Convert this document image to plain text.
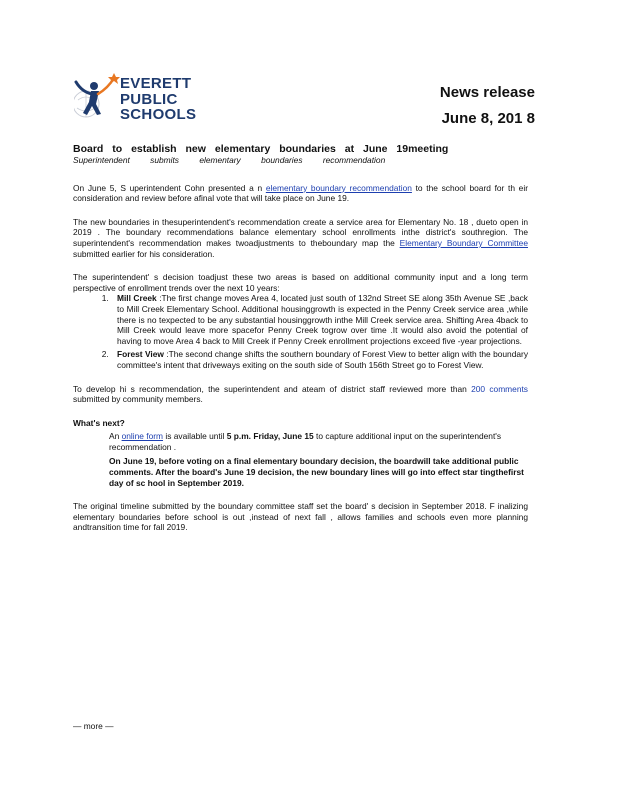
EVERETT
PUBLIC
SCHOOLS
News release
June 8, 201 8
Board to establish new elementary boundaries at June 19meeting
Superintendent submits elementary boundaries recommendation

On June 5, S uperintendent Cohn presented a n elementary boundary recommendation to the school board for th eir consideration and review before afinal vote that will take place on June 19.

The new boundaries in thesuperintendent's recommendation create a service area for Elementary No. 18 , dueto open in 2019 . The boundary recommendations balance elementary school enrollments inthe district's southregion. The superintendent's recommendation makes twoadjustments to theboundary map the Elementary Boundary Committee submitted earlier for his consideration.

The superintendent' s decision toadjust these two areas is based on additional community input and a long term perspective of enrollment trends over the next 10 years:

1. Mill Creek :The first change moves Area 4, located just south of 132nd Street SE along 35th Avenue SE ,back to Mill Creek Elementary School. Additional housinggrowth is expected in the Penny Creek service area ,while there is no texpected to be any substantial housinggrowth inthe Mill Creek service area. Shifting Area 4back to Mill Creek would leave more spacefor Penny Creek togrow over time .It would also avoid the potential of having to move Area 4 back to Mill Creek if Penny Creek enrollment projections exceed five -year projections.
2. Forest View :The second change shifts the southern boundary of Forest View to better align with the boundary committee's intent that driveways exiting on the south side of South 156th Street go to Forest View.

To develop hi s recommendation, the superintendent and ateam of district staff reviewed more than 200 comments submitted by community members.

What's next?
An online form is available until 5 p.m. Friday, June 15 to capture additional input on the superintendent's recommendation .
On June 19, before voting on a final elementary boundary decision, the boardwill take additional public comments. After the board's June 19 decision, the new boundary lines will go into effect star tingthefirst day of sc hool in September 2019.

The original timeline submitted by the boundary committee staff set the board' s decision in September 2018. F inalizing elementary boundaries before school is out ,instead of next fall , allows families and schools even more planning andtransition time for fall 2019.

— more —
